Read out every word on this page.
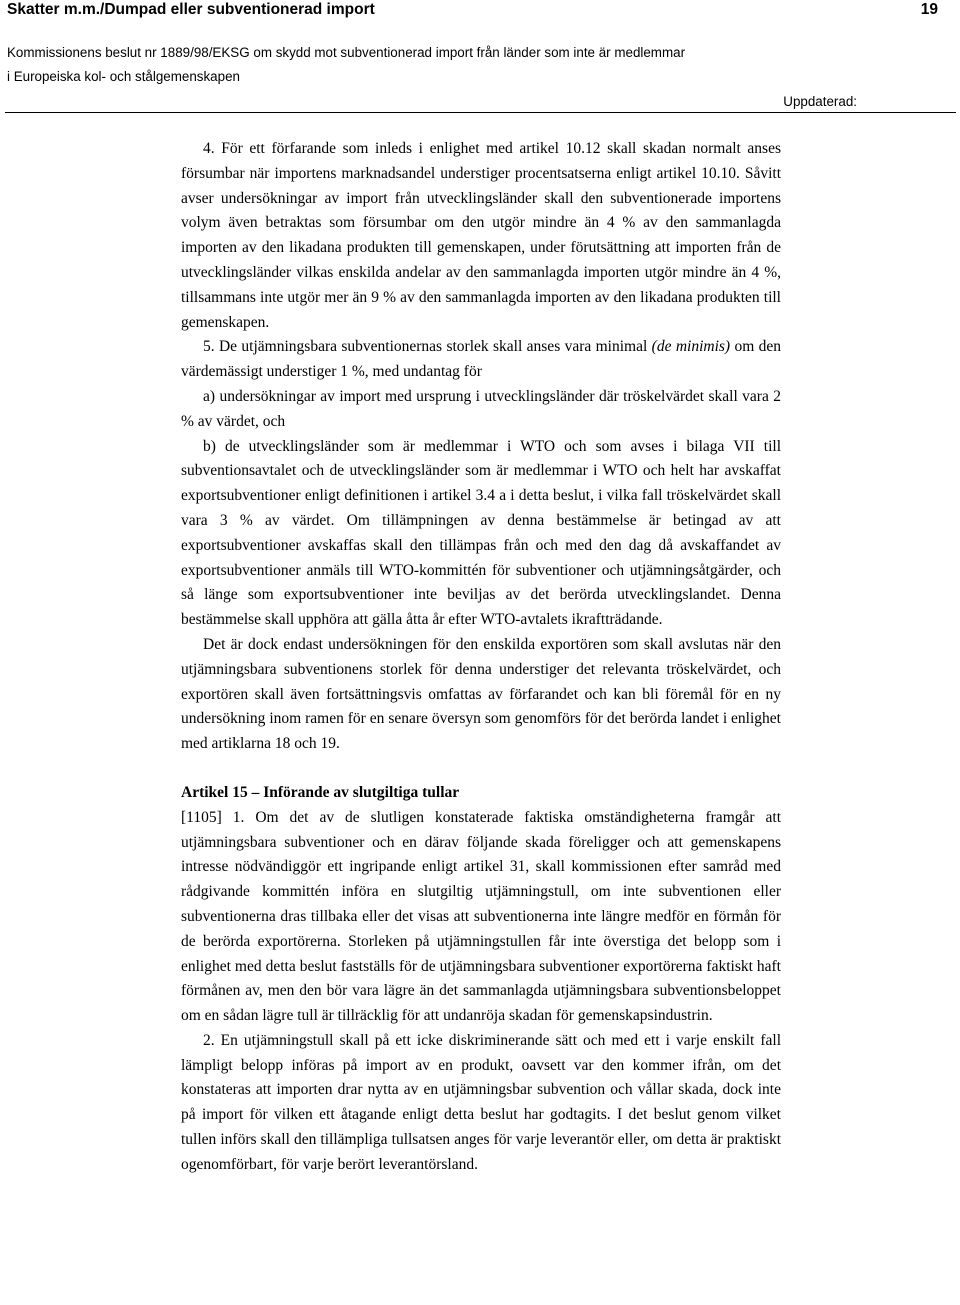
Skatter m.m./Dumpad eller subventionerad import	19
Kommissionens beslut nr 1889/98/EKSG om skydd mot subventionerad import från länder som inte är medlemmar
i Europeiska kol- och stålgemenskapen
Uppdaterad:

4. För ett förfarande som inleds i enlighet med artikel 10.12 skall skadan normalt anses försumbar när importens marknadsandel understiger procentsatserna enligt artikel 10.10. Såvitt avser undersökningar av import från utvecklingsländer skall den subventionerade importens volym även betraktas som försumbar om den utgör mindre än 4 % av den sammanlagda importen av den likadana produkten till gemenskapen, under förutsättning att importen från de utvecklingsländer vilkas enskilda andelar av den sammanlagda importen utgör mindre än 4 %, tillsammans inte utgör mer än 9 % av den sammanlagda importen av den likadana produkten till gemenskapen.

5. De utjämningsbara subventionernas storlek skall anses vara minimal (de minimis) om den värdemässigt understiger 1 %, med undantag för

a) undersökningar av import med ursprung i utvecklingsländer där tröskelvärdet skall vara 2 % av värdet, och

b) de utvecklingsländer som är medlemmar i WTO och som avses i bilaga VII till subventionsavtalet och de utvecklingsländer som är medlemmar i WTO och helt har avskaffat exportsubventioner enligt definitionen i artikel 3.4 a i detta beslut, i vilka fall tröskelvärdet skall vara 3 % av värdet. Om tillämpningen av denna bestämmelse är betingad av att exportsubventioner avskaffas skall den tillämpas från och med den dag då avskaffandet av exportsubventioner anmäls till WTO-kommittén för subventioner och utjämningsåtgärder, och så länge som exportsubventioner inte beviljas av det berörda utvecklingslandet. Denna bestämmelse skall upphöra att gälla åtta år efter WTO-avtalets ikraftträdande.

Det är dock endast undersökningen för den enskilda exportören som skall avslutas när den utjämningsbara subventionens storlek för denna understiger det relevanta tröskelvärdet, och exportören skall även fortsättningsvis omfattas av förfarandet och kan bli föremål för en ny undersökning inom ramen för en senare översyn som genomförs för det berörda landet i enlighet med artiklarna 18 och 19.

Artikel 15 – Införande av slutgiltiga tullar

[1105] 1. Om det av de slutligen konstaterade faktiska omständigheterna framgår att utjämningsbara subventioner och en därav följande skada föreligger och att gemenskapens intresse nödvändiggör ett ingripande enligt artikel 31, skall kommissionen efter samråd med rådgivande kommittén införa en slutgiltig utjämningstull, om inte subventionen eller subventionerna dras tillbaka eller det visas att subventionerna inte längre medför en förmån för de berörda exportörerna. Storleken på utjämningstullen får inte överstiga det belopp som i enlighet med detta beslut fastställs för de utjämningsbara subventioner exportörerna faktiskt haft förmånen av, men den bör vara lägre än det sammanlagda utjämningsbara subventionsbeloppet om en sådan lägre tull är tillräcklig för att undanröja skadan för gemenskapsindustrin.

2. En utjämningstull skall på ett icke diskriminerande sätt och med ett i varje enskilt fall lämpligt belopp införas på import av en produkt, oavsett var den kommer ifrån, om det konstateras att importen drar nytta av en utjämningsbar subvention och vållar skada, dock inte på import för vilken ett åtagande enligt detta beslut har godtagits. I det beslut genom vilket tullen införs skall den tillämpliga tullsatsen anges för varje leverantör eller, om detta är praktiskt ogenomförbart, för varje berört leverantörsland.
